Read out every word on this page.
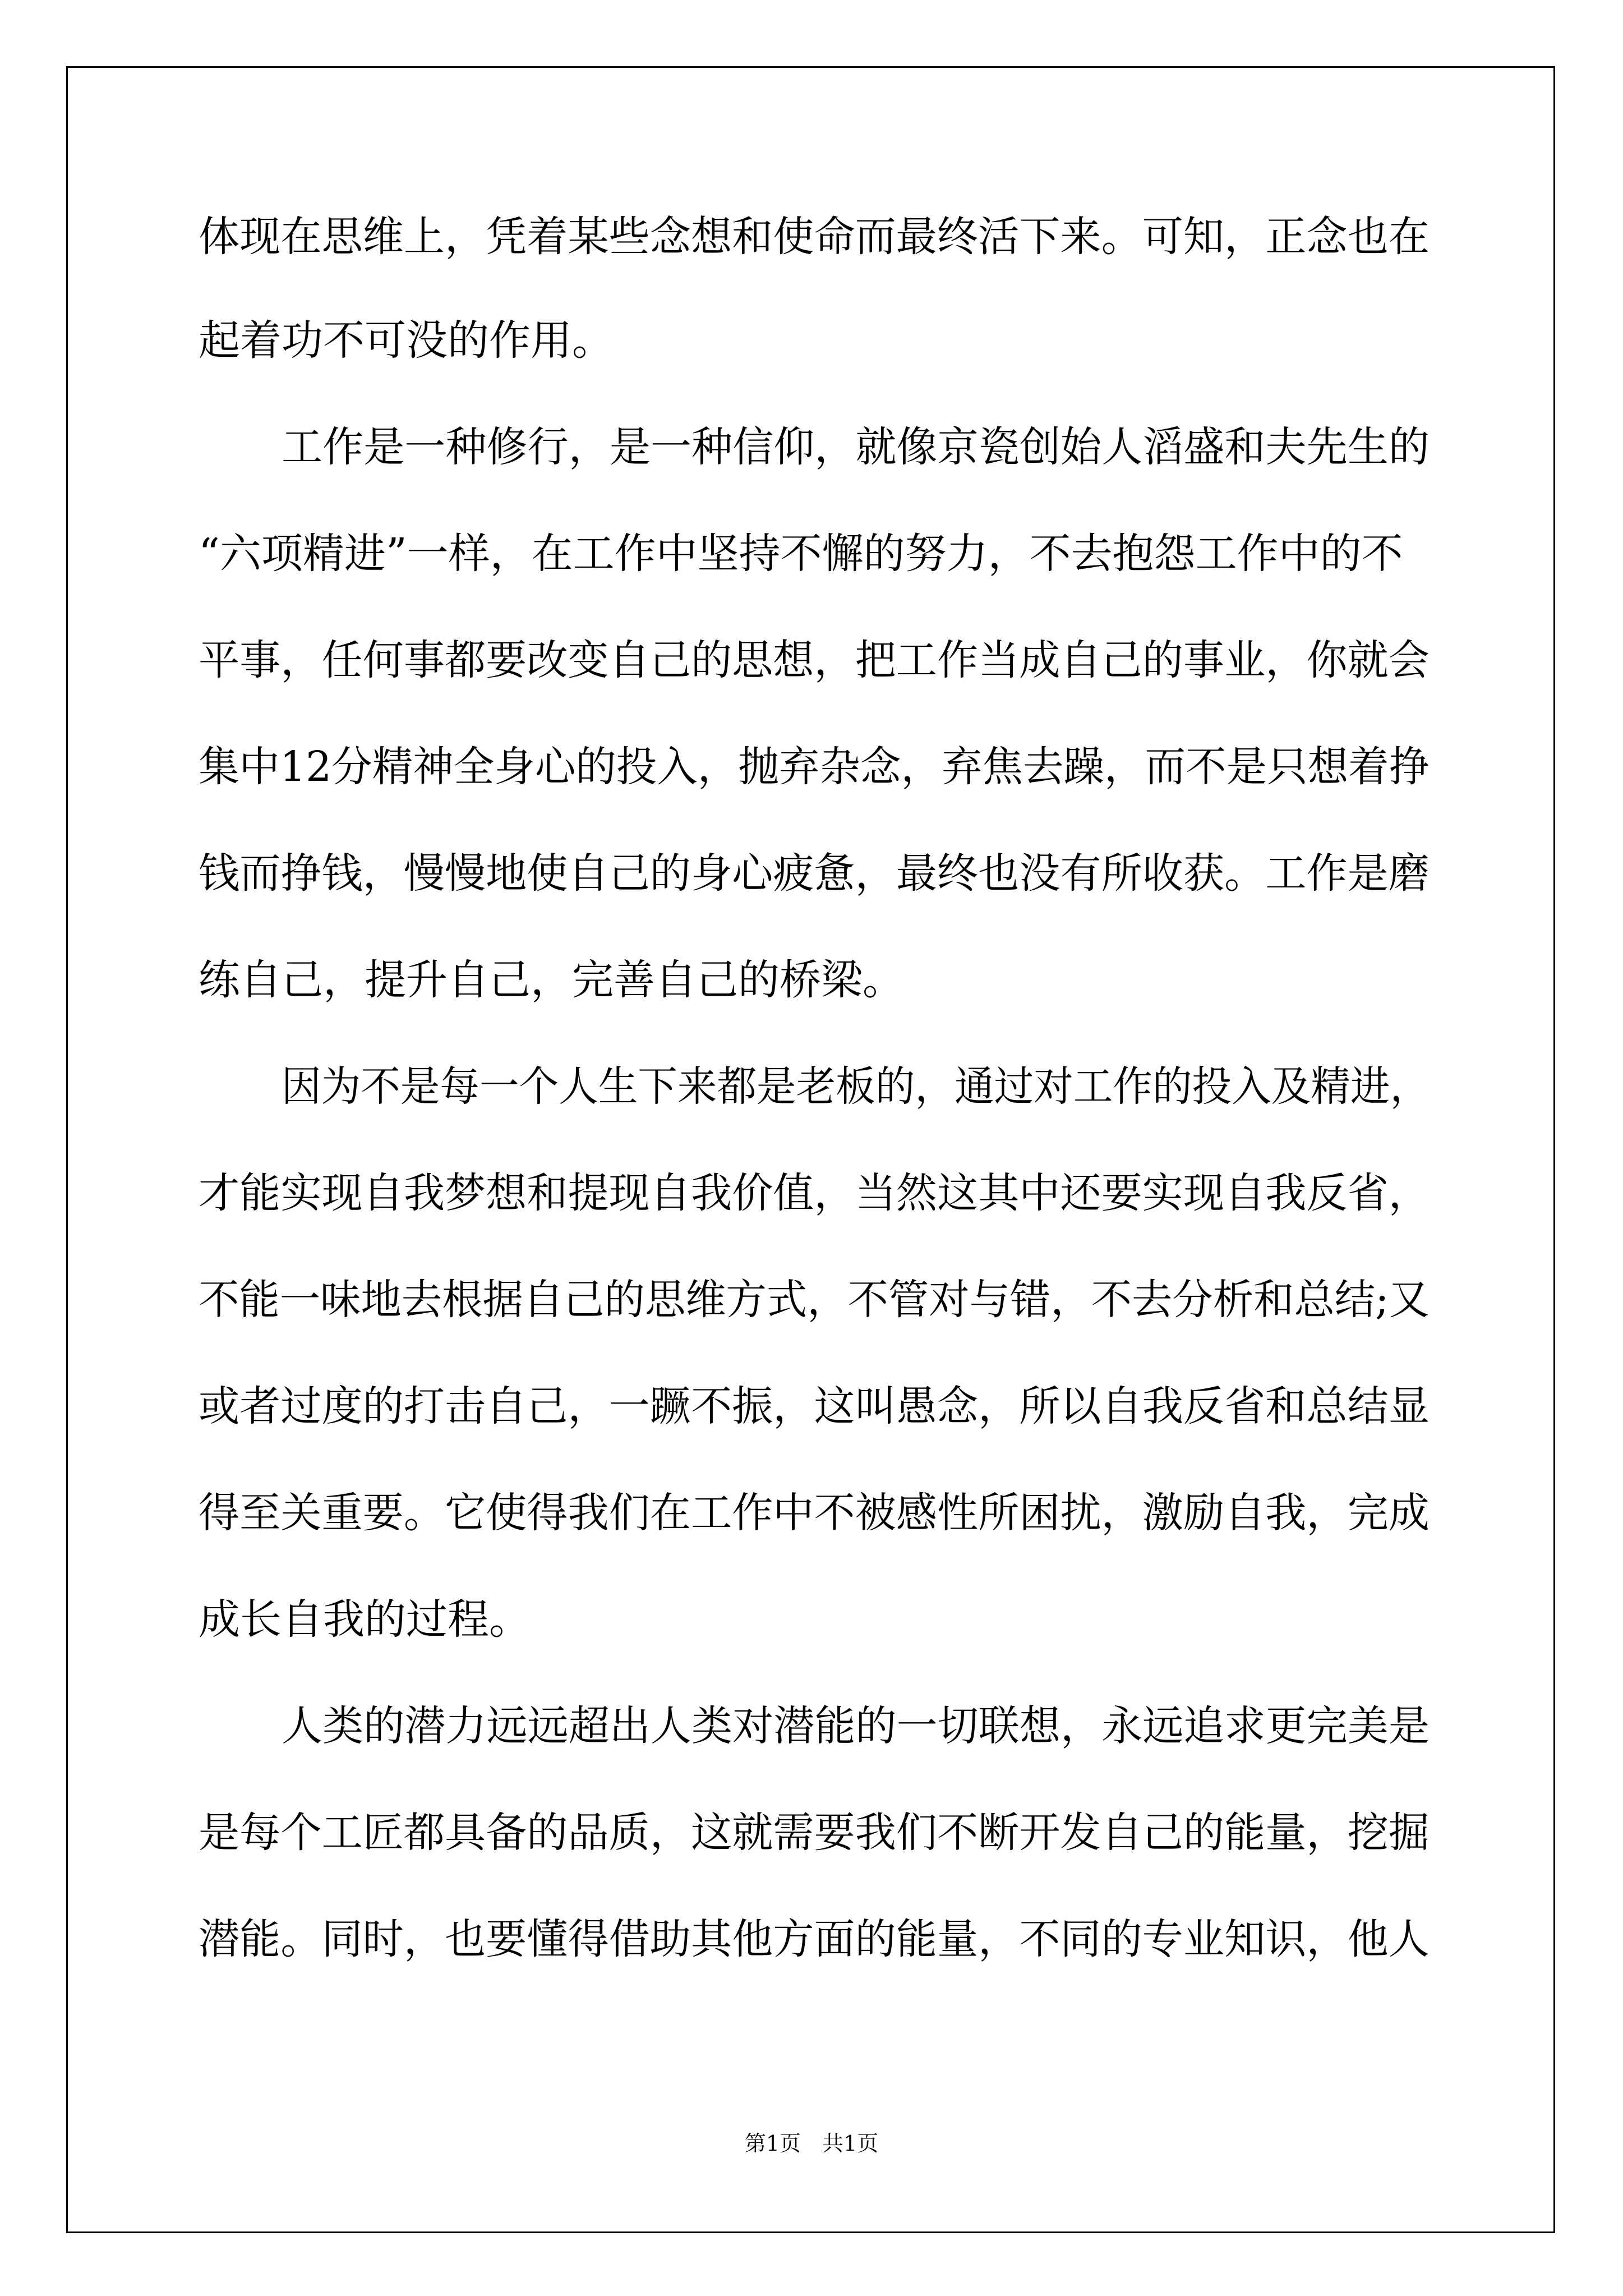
体现在思维上，凭着某些念想和使命而最终活下来。可知，正念也在
起着功不可没的作用。
工作是一种修行，是一种信仰，就像京瓷创始人滔盛和夫先生的
“六项精进”一样，在工作中坚持不懈的努力，不去抱怨工作中的不
平事，任何事都要改变自己的思想，把工作当成自己的事业，你就会
集中12分精神全身心的投入，抛弃杂念，弃焦去躁，而不是只想着挣
钱而挣钱，慢慢地使自己的身心疲惫，最终也没有所收获。工作是磨
练自己，提升自己，完善自己的桥梁。
因为不是每一个人生下来都是老板的，通过对工作的投入及精进，
才能实现自我梦想和提现自我价值，当然这其中还要实现自我反省，
不能一味地去根据自己的思维方式，不管对与错，不去分析和总结;又
或者过度的打击自己，一蹶不振，这叫愚念，所以自我反省和总结显
得至关重要。它使得我们在工作中不被感性所困扰，激励自我，完成
成长自我的过程。
人类的潜力远远超出人类对潜能的一切联想，永远追求更完美是
是每个工匠都具备的品质，这就需要我们不断开发自己的能量，挖掘
潜能。同时，也要懂得借助其他方面的能量，不同的专业知识，他人
第1页　共1页
